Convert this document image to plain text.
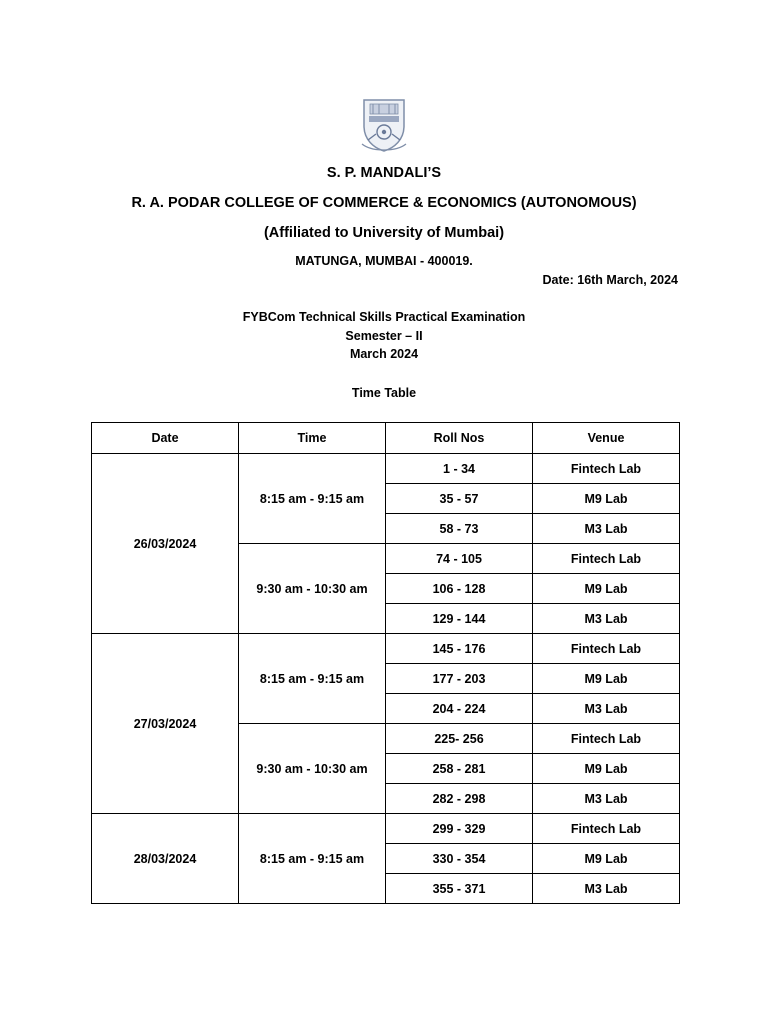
S. P. MANDALI’S
R. A. PODAR COLLEGE OF COMMERCE & ECONOMICS (AUTONOMOUS)
(Affiliated to University of Mumbai)
MATUNGA, MUMBAI - 400019.
Date: 16th March, 2024
FYBCom Technical Skills Practical Examination
Semester – II
March 2024
Time Table
Date	Time	Roll Nos	Venue
26/03/2024	8:15 am - 9:15 am	1 - 34	Fintech Lab
		35 - 57	M9 Lab
		58 - 73	M3 Lab
	9:30 am - 10:30 am	74 - 105	Fintech Lab
		106 - 128	M9 Lab
		129 - 144	M3 Lab
27/03/2024	8:15 am - 9:15 am	145 - 176	Fintech Lab
		177 - 203	M9 Lab
		204 - 224	M3 Lab
	9:30 am - 10:30 am	225- 256	Fintech Lab
		258 - 281	M9 Lab
		282 - 298	M3 Lab
28/03/2024	8:15 am - 9:15 am	299 - 329	Fintech Lab
		330 - 354	M9 Lab
		355 - 371	M3 Lab
